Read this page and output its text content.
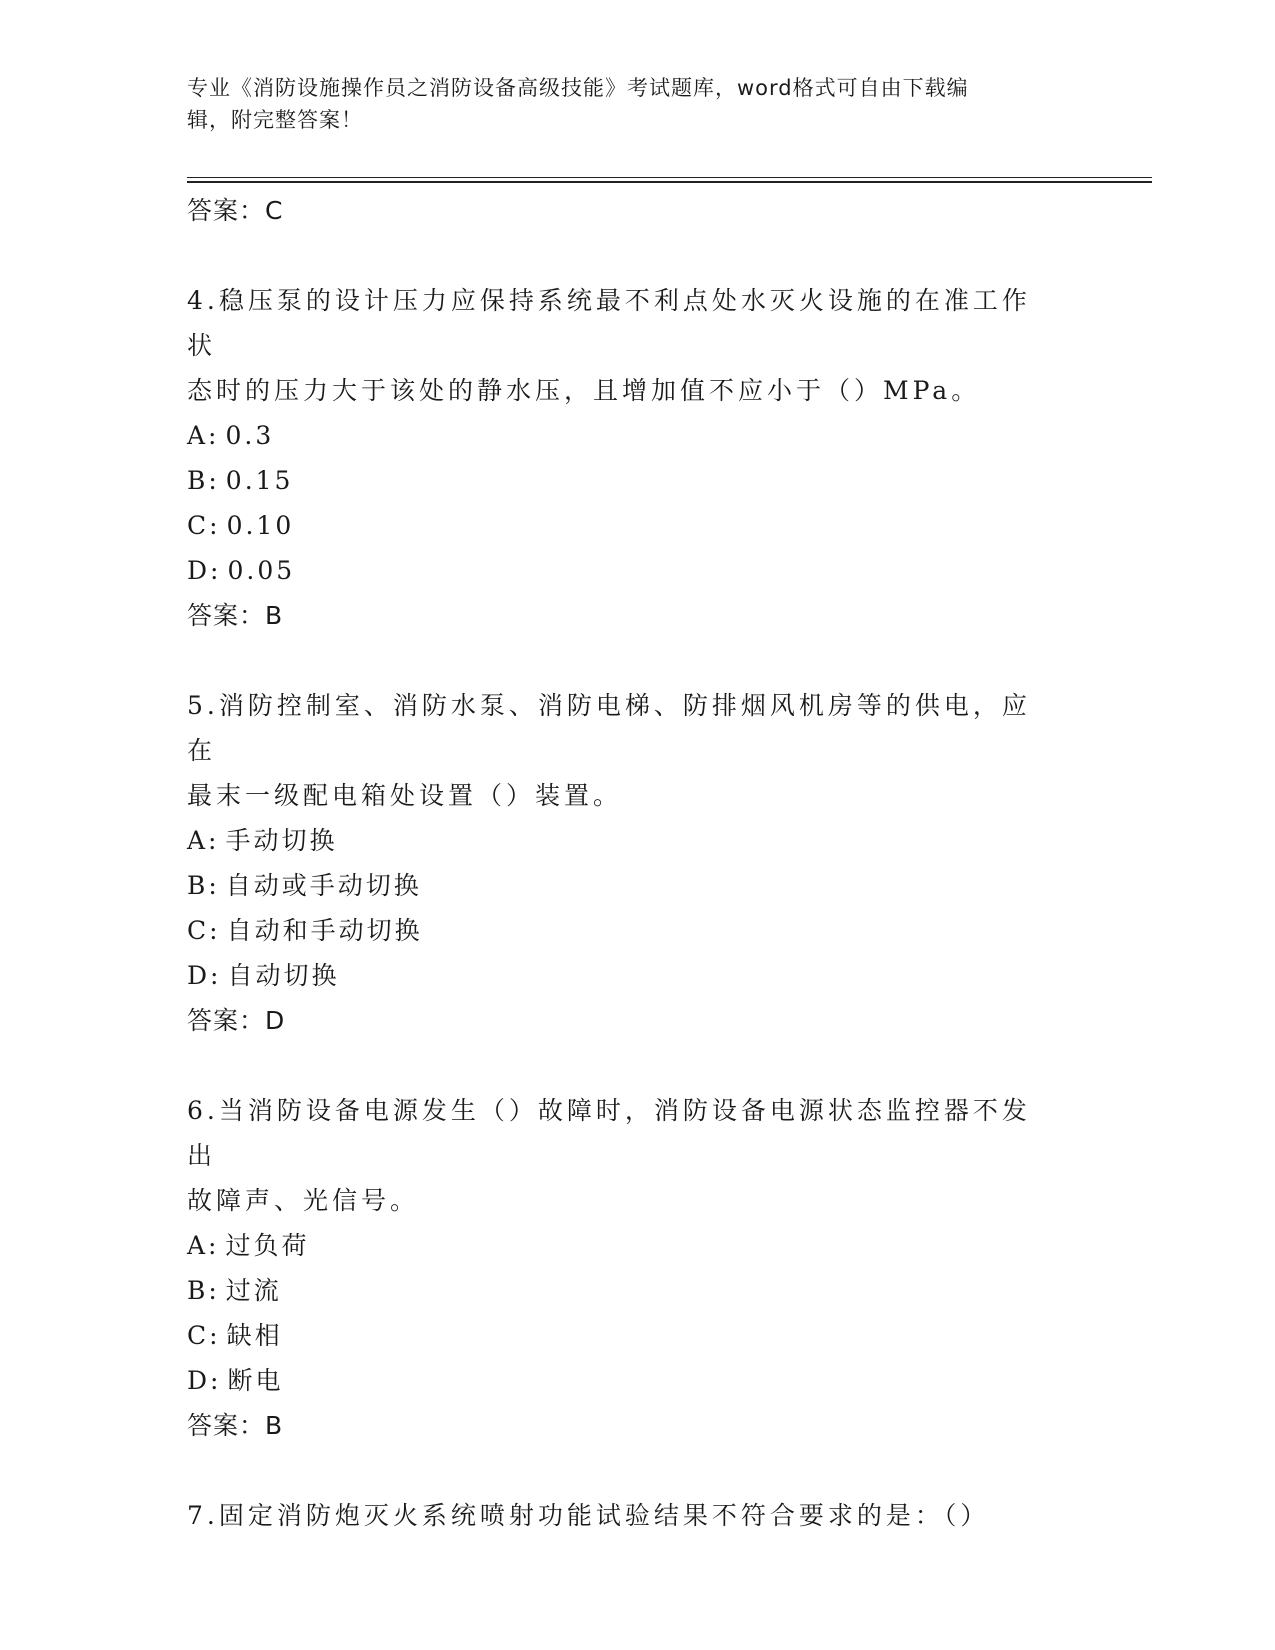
专业《消防设施操作员之消防设备高级技能》考试题库，word格式可自由下载编
辑，附完整答案！
答案：C
4.稳压泵的设计压力应保持系统最不利点处水灭火设施的在准工作状
态时的压力大于该处的静水压，且增加值不应小于（）MPa。
A: 0.3
B: 0.15
C: 0.10
D: 0.05
答案：B
5.消防控制室、消防水泵、消防电梯、防排烟风机房等的供电，应在
最末一级配电箱处设置（）装置。
A: 手动切换
B: 自动或手动切换
C: 自动和手动切换
D: 自动切换
答案：D
6.当消防设备电源发生（）故障时，消防设备电源状态监控器不发出
故障声、光信号。
A: 过负荷
B: 过流
C: 缺相
D: 断电
答案：B
7.固定消防炮灭火系统喷射功能试验结果不符合要求的是：（）
